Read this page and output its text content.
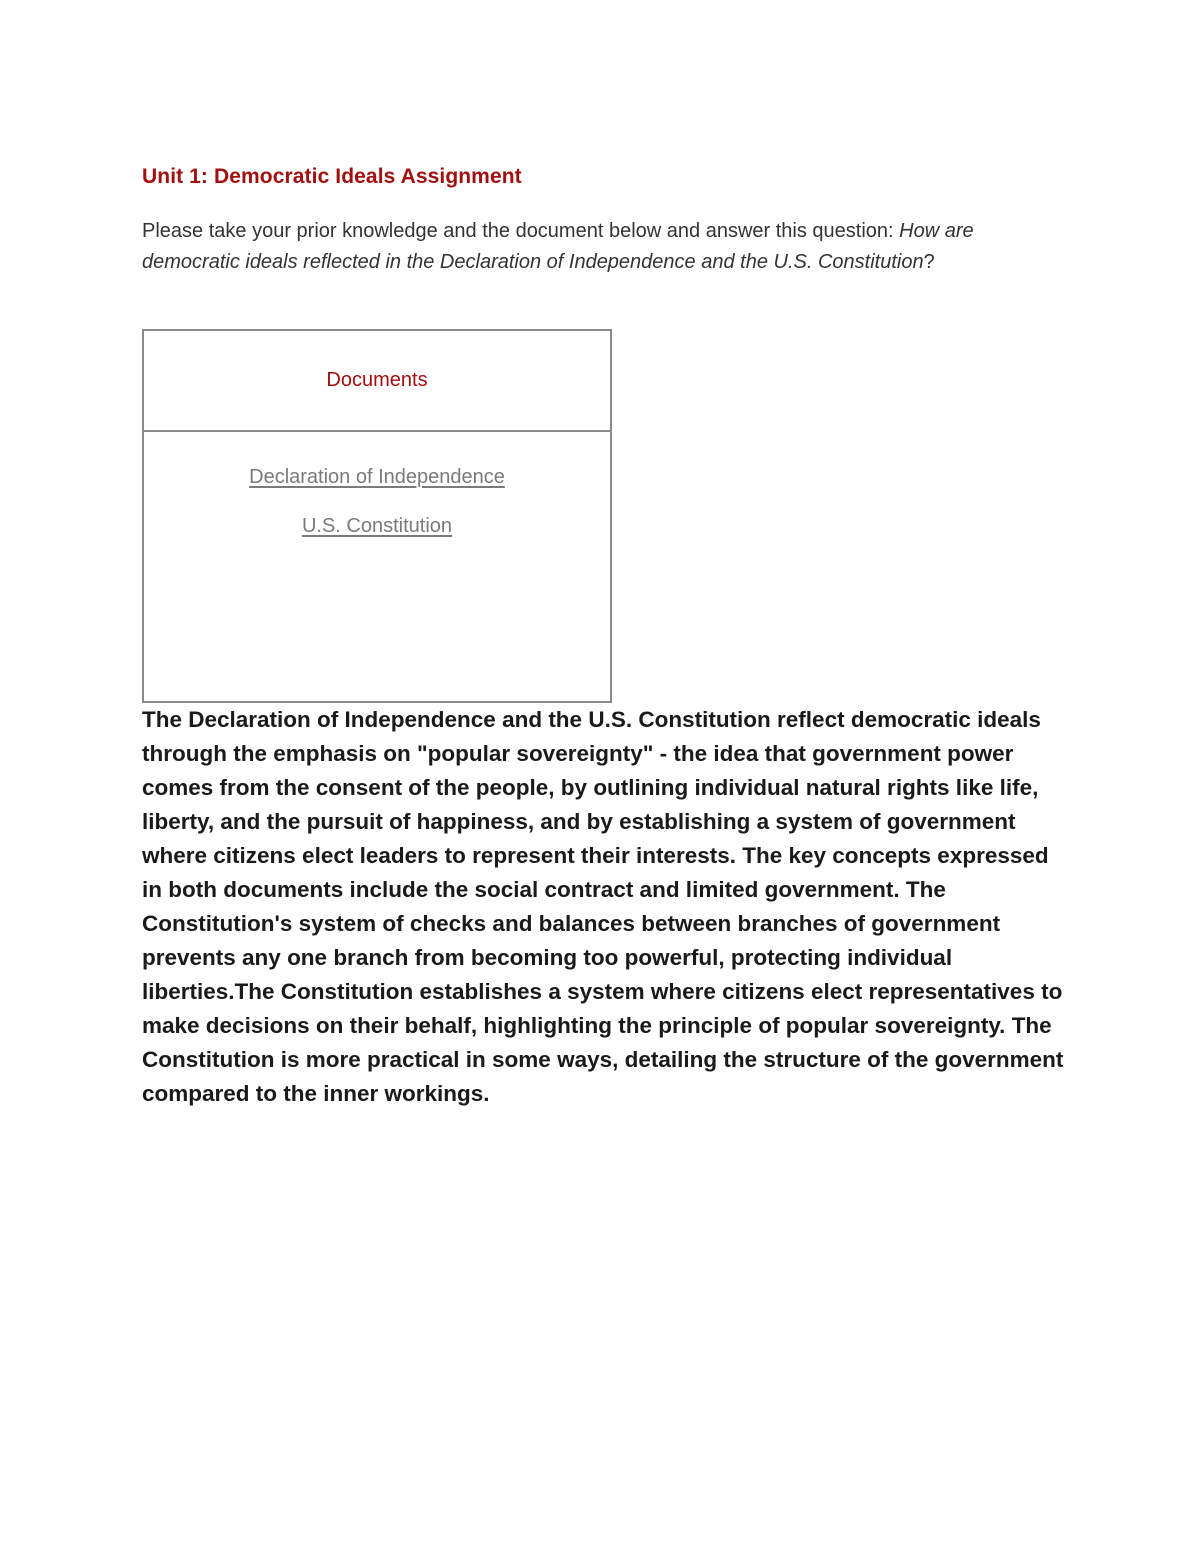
Unit 1: Democratic Ideals Assignment

Please take your prior knowledge and the document below and answer this question: How are democratic ideals reflected in the Declaration of Independence and the U.S. Constitution?

Documents
Declaration of Independence
U.S. Constitution

The Declaration of Independence and the U.S. Constitution reflect democratic ideals through the emphasis on "popular sovereignty" - the idea that government power comes from the consent of the people, by outlining individual natural rights like life, liberty, and the pursuit of happiness, and by establishing a system of government where citizens elect leaders to represent their interests. The key concepts expressed in both documents include the social contract and limited government. The Constitution's system of checks and balances between branches of government prevents any one branch from becoming too powerful, protecting individual liberties.The Constitution establishes a system where citizens elect representatives to make decisions on their behalf, highlighting the principle of popular sovereignty. The Constitution is more practical in some ways, detailing the structure of the government compared to the inner workings.
